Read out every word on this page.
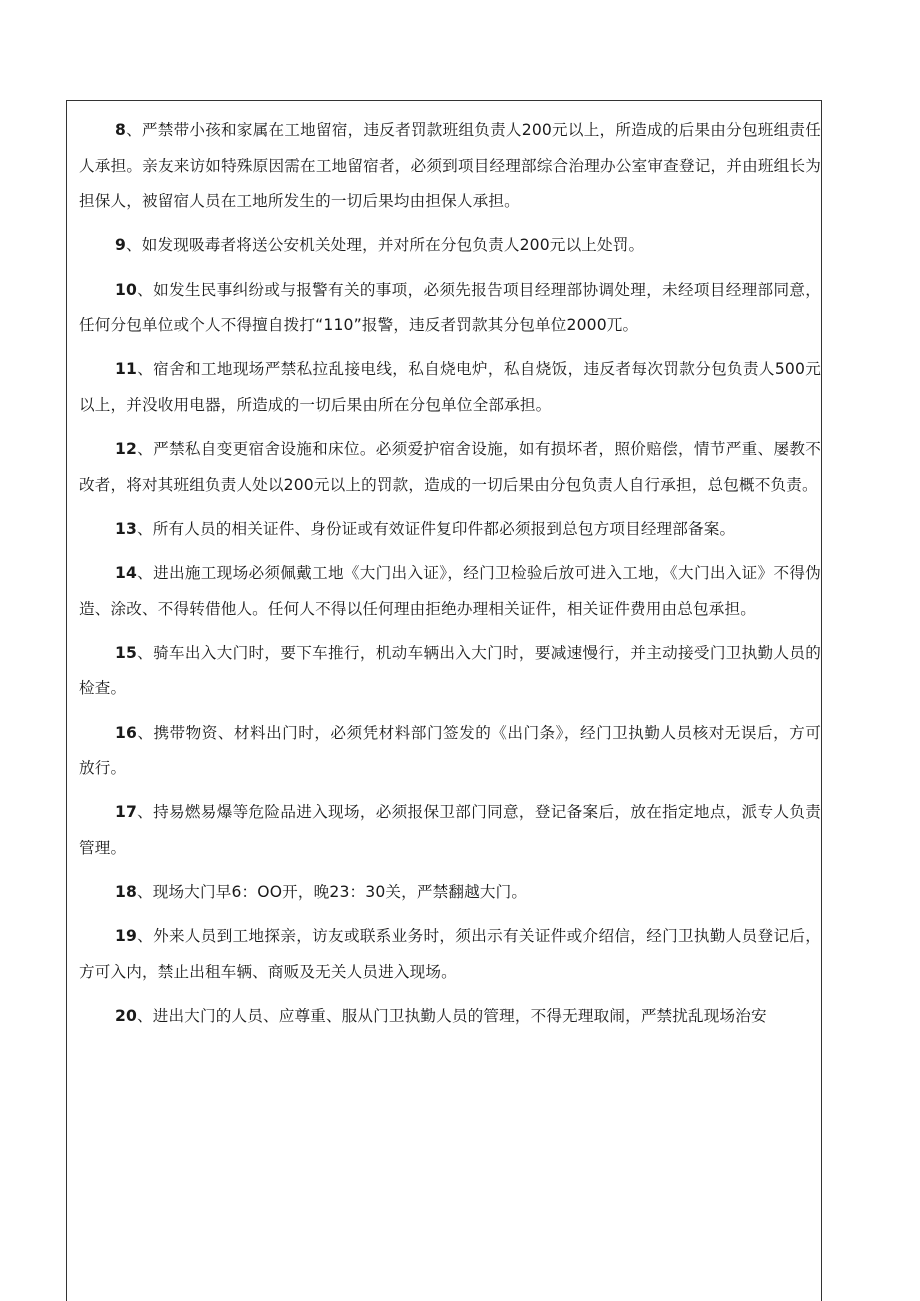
8、严禁带小孩和家属在工地留宿，违反者罚款班组负责人200元以上，所造成的后果由分包班组责任人承担。亲友来访如特殊原因需在工地留宿者，必须到项目经理部综合治理办公室审查登记，并由班组长为担保人，被留宿人员在工地所发生的一切后果均由担保人承担。

9、如发现吸毒者将送公安机关处理，并对所在分包负责人200元以上处罚。

10、如发生民事纠纷或与报警有关的事项，必须先报告项目经理部协调处理，未经项目经理部同意，任何分包单位或个人不得擅自拨打“110”报警，违反者罚款其分包单位2000兀。

11、宿舍和工地现场严禁私拉乱接电线，私自烧电炉，私自烧饭，违反者每次罚款分包负责人500元以上，并没收用电器，所造成的一切后果由所在分包单位全部承担。

12、严禁私自变更宿舍设施和床位。必须爱护宿舍设施，如有损坏者，照价赔偿，情节严重、屡教不改者，将对其班组负责人处以200元以上的罚款，造成的一切后果由分包负责人自行承担，总包概不负责。

13、所有人员的相关证件、身份证或有效证件复印件都必须报到总包方项目经理部备案。

14、进出施工现场必须佩戴工地《大门出入证》，经门卫检验后放可进入工地，《大门出入证》不得伪造、涂改、不得转借他人。任何人不得以任何理由拒绝办理相关证件，相关证件费用由总包承担。

15、骑车出入大门时，要下车推行，机动车辆出入大门时，要减速慢行，并主动接受门卫执勤人员的检查。

16、携带物资、材料出门时，必须凭材料部门签发的《出门条》，经门卫执勤人员核对无误后，方可放行。

17、持易燃易爆等危险品进入现场，必须报保卫部门同意，登记备案后，放在指定地点，派专人负责管理。

18、现场大门早6：OO开，晚23：30关，严禁翻越大门。

19、外来人员到工地探亲，访友或联系业务时，须出示有关证件或介绍信，经门卫执勤人员登记后，方可入内，禁止出租车辆、商贩及无关人员进入现场。

20、进出大门的人员、应尊重、服从门卫执勤人员的管理，不得无理取闹，严禁扰乱现场治安
